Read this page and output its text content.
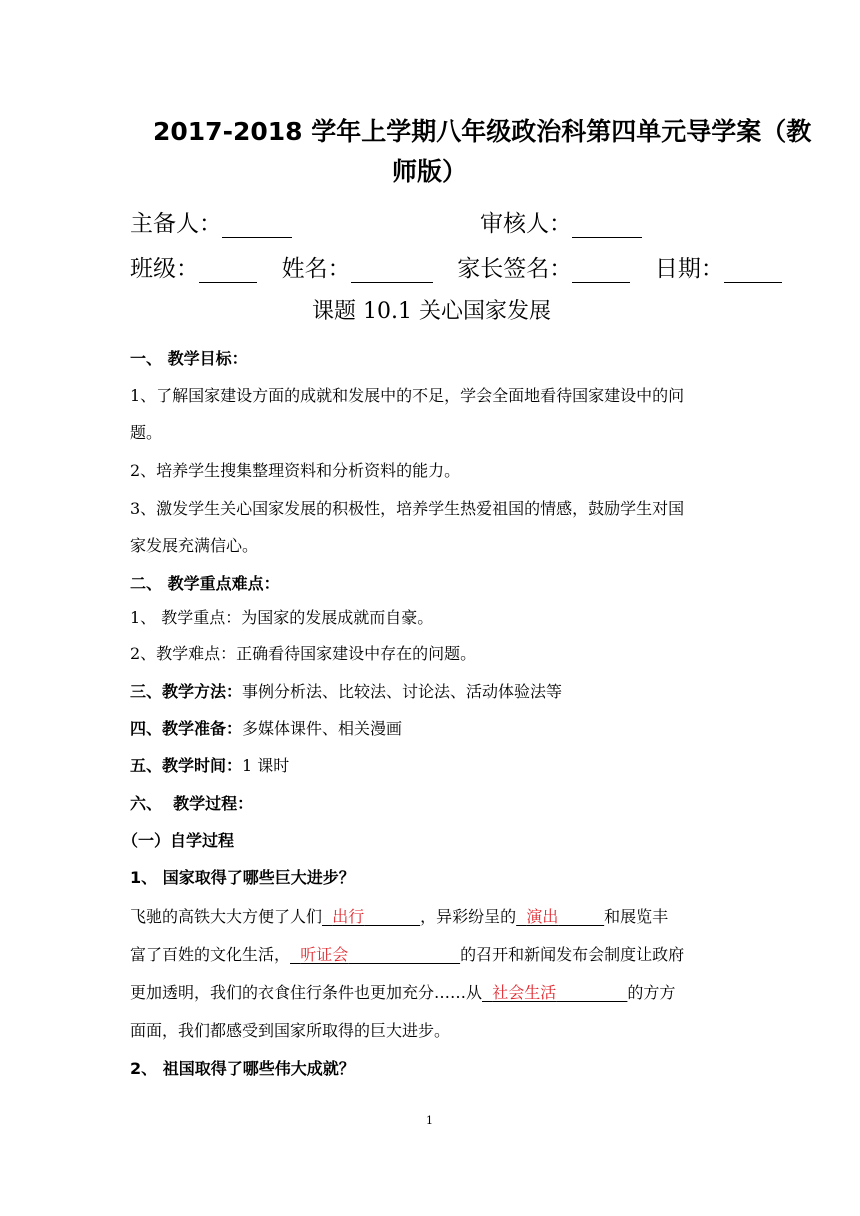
2017-2018 学年上学期八年级政治科第四单元导学案（教
师版）
主备人：	审核人：
班级：	姓名：	家长签名：	日期：
课题 10.1 关心国家发展
一、 教学目标：
1、了解国家建设方面的成就和发展中的不足，学会全面地看待国家建设中的问
题。
2、培养学生搜集整理资料和分析资料的能力。
3、激发学生关心国家发展的积极性，培养学生热爱祖国的情感，鼓励学生对国
家发展充满信心。
二、 教学重点难点：
1、 教学重点：为国家的发展成就而自豪。
2、教学难点：正确看待国家建设中存在的问题。
三、教学方法：事例分析法、比较法、讨论法、活动体验法等
四、教学准备：多媒体课件、相关漫画
五、教学时间：1 课时
六、  教学过程：
（一）自学过程
1、 国家取得了哪些巨大进步？
飞驰的高铁大大方便了人们 出行	，异彩纷呈的 演出	和展览丰
富了百姓的文化生活， 听证会	的召开和新闻发布会制度让政府
更加透明，我们的衣食住行条件也更加充分……从 社会生活	的方方
面面，我们都感受到国家所取得的巨大进步。
2、 祖国取得了哪些伟大成就？
1
